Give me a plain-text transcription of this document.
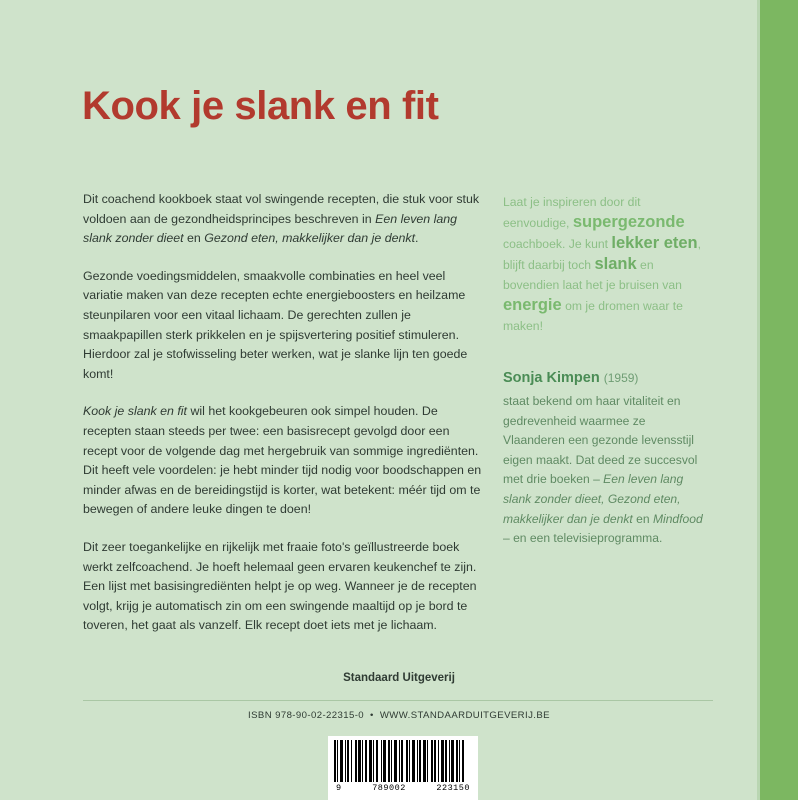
Kook je slank en fit

Dit coachend kookboek staat vol swingende recepten, die stuk voor stuk voldoen aan de gezondheidsprincipes beschreven in Een leven lang slank zonder dieet en Gezond eten, makkelijker dan je denkt.

Gezonde voedingsmiddelen, smaakvolle combinaties en heel veel variatie maken van deze recepten echte energieboosters en heilzame steunpilaren voor een vitaal lichaam. De gerechten zullen je smaakpapillen sterk prikkelen en je spijsvertering positief stimuleren. Hierdoor zal je stofwisseling beter werken, wat je slanke lijn ten goede komt!

Kook je slank en fit wil het kookgebeuren ook simpel houden. De recepten staan steeds per twee: een basisrecept gevolgd door een recept voor de volgende dag met hergebruik van sommige ingrediënten. Dit heeft vele voordelen: je hebt minder tijd nodig voor boodschappen en minder afwas en de bereidingstijd is korter, wat betekent: méér tijd om te bewegen of andere leuke dingen te doen!

Dit zeer toegankelijke en rijkelijk met fraaie foto's geïllustreerde boek werkt zelfcoachend. Je hoeft helemaal geen ervaren keukenchef te zijn. Een lijst met basisingrediënten helpt je op weg. Wanneer je de recepten volgt, krijg je automatisch zin om een swingende maaltijd op je bord te toveren, het gaat als vanzelf. Elk recept doet iets met je lichaam.

Laat je inspireren door dit eenvoudige, supergezonde coachboek. Je kunt lekker eten, blijft daarbij toch slank en bovendien laat het je bruisen van energie om je dromen waar te maken!

Sonja Kimpen (1959)

staat bekend om haar vitaliteit en gedrevenheid waarmee ze Vlaanderen een gezonde levensstijl eigen maakt. Dat deed ze succesvol met drie boeken – Een leven lang slank zonder dieet, Gezond eten, makkelijker dan je denkt en Mindfood – en een televisieprogramma.

Standaard Uitgeverij
ISBN 978-90-02-22315-0 • WWW.STANDAARDUITGEVERIJ.BE
9	789002	223150
